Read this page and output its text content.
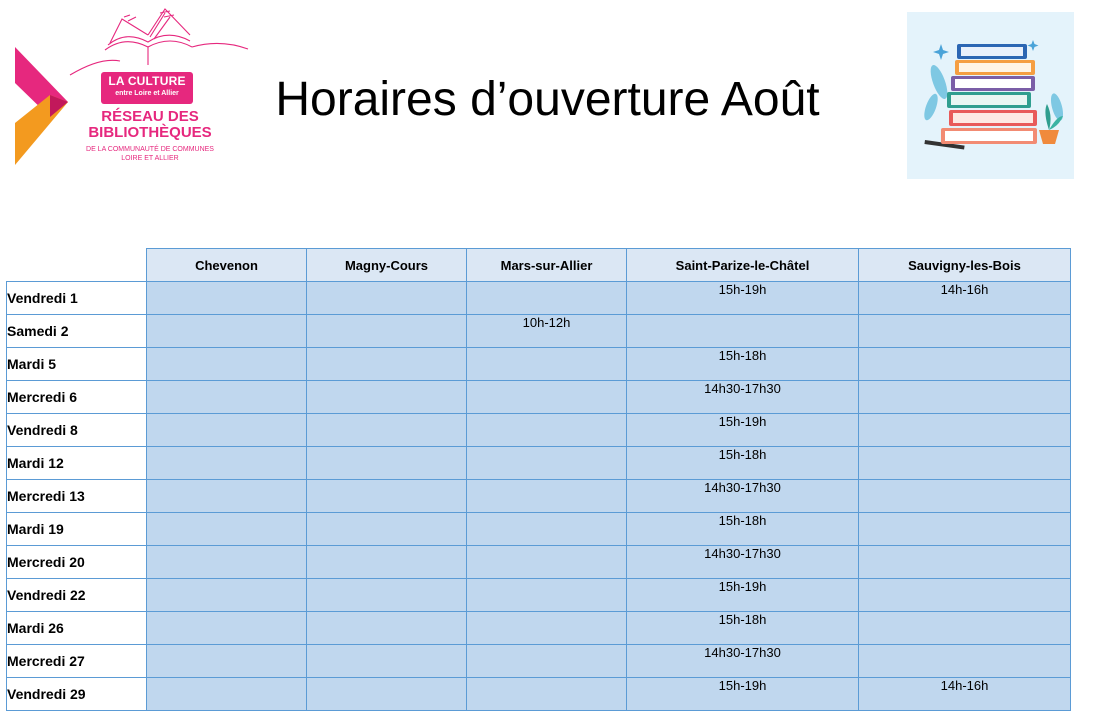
LA CULTURE
entre Loire et Allier
RÉSEAU DES
BIBLIOTHÈQUES
DE LA COMMUNAUTÉ DE COMMUNES
LOIRE ET ALLIER
Horaires d’ouverture Août
	Chevenon	Magny-Cours	Mars-sur-Allier	Saint-Parize-le-Châtel	Sauvigny-les-Bois
Vendredi 1				15h-19h	14h-16h
Samedi 2			10h-12h		
Mardi 5				15h-18h	
Mercredi 6				14h30-17h30	
Vendredi 8				15h-19h	
Mardi 12				15h-18h	
Mercredi 13				14h30-17h30	
Mardi 19				15h-18h	
Mercredi 20				14h30-17h30	
Vendredi 22				15h-19h	
Mardi 26				15h-18h	
Mercredi 27				14h30-17h30	
Vendredi 29				15h-19h	14h-16h
